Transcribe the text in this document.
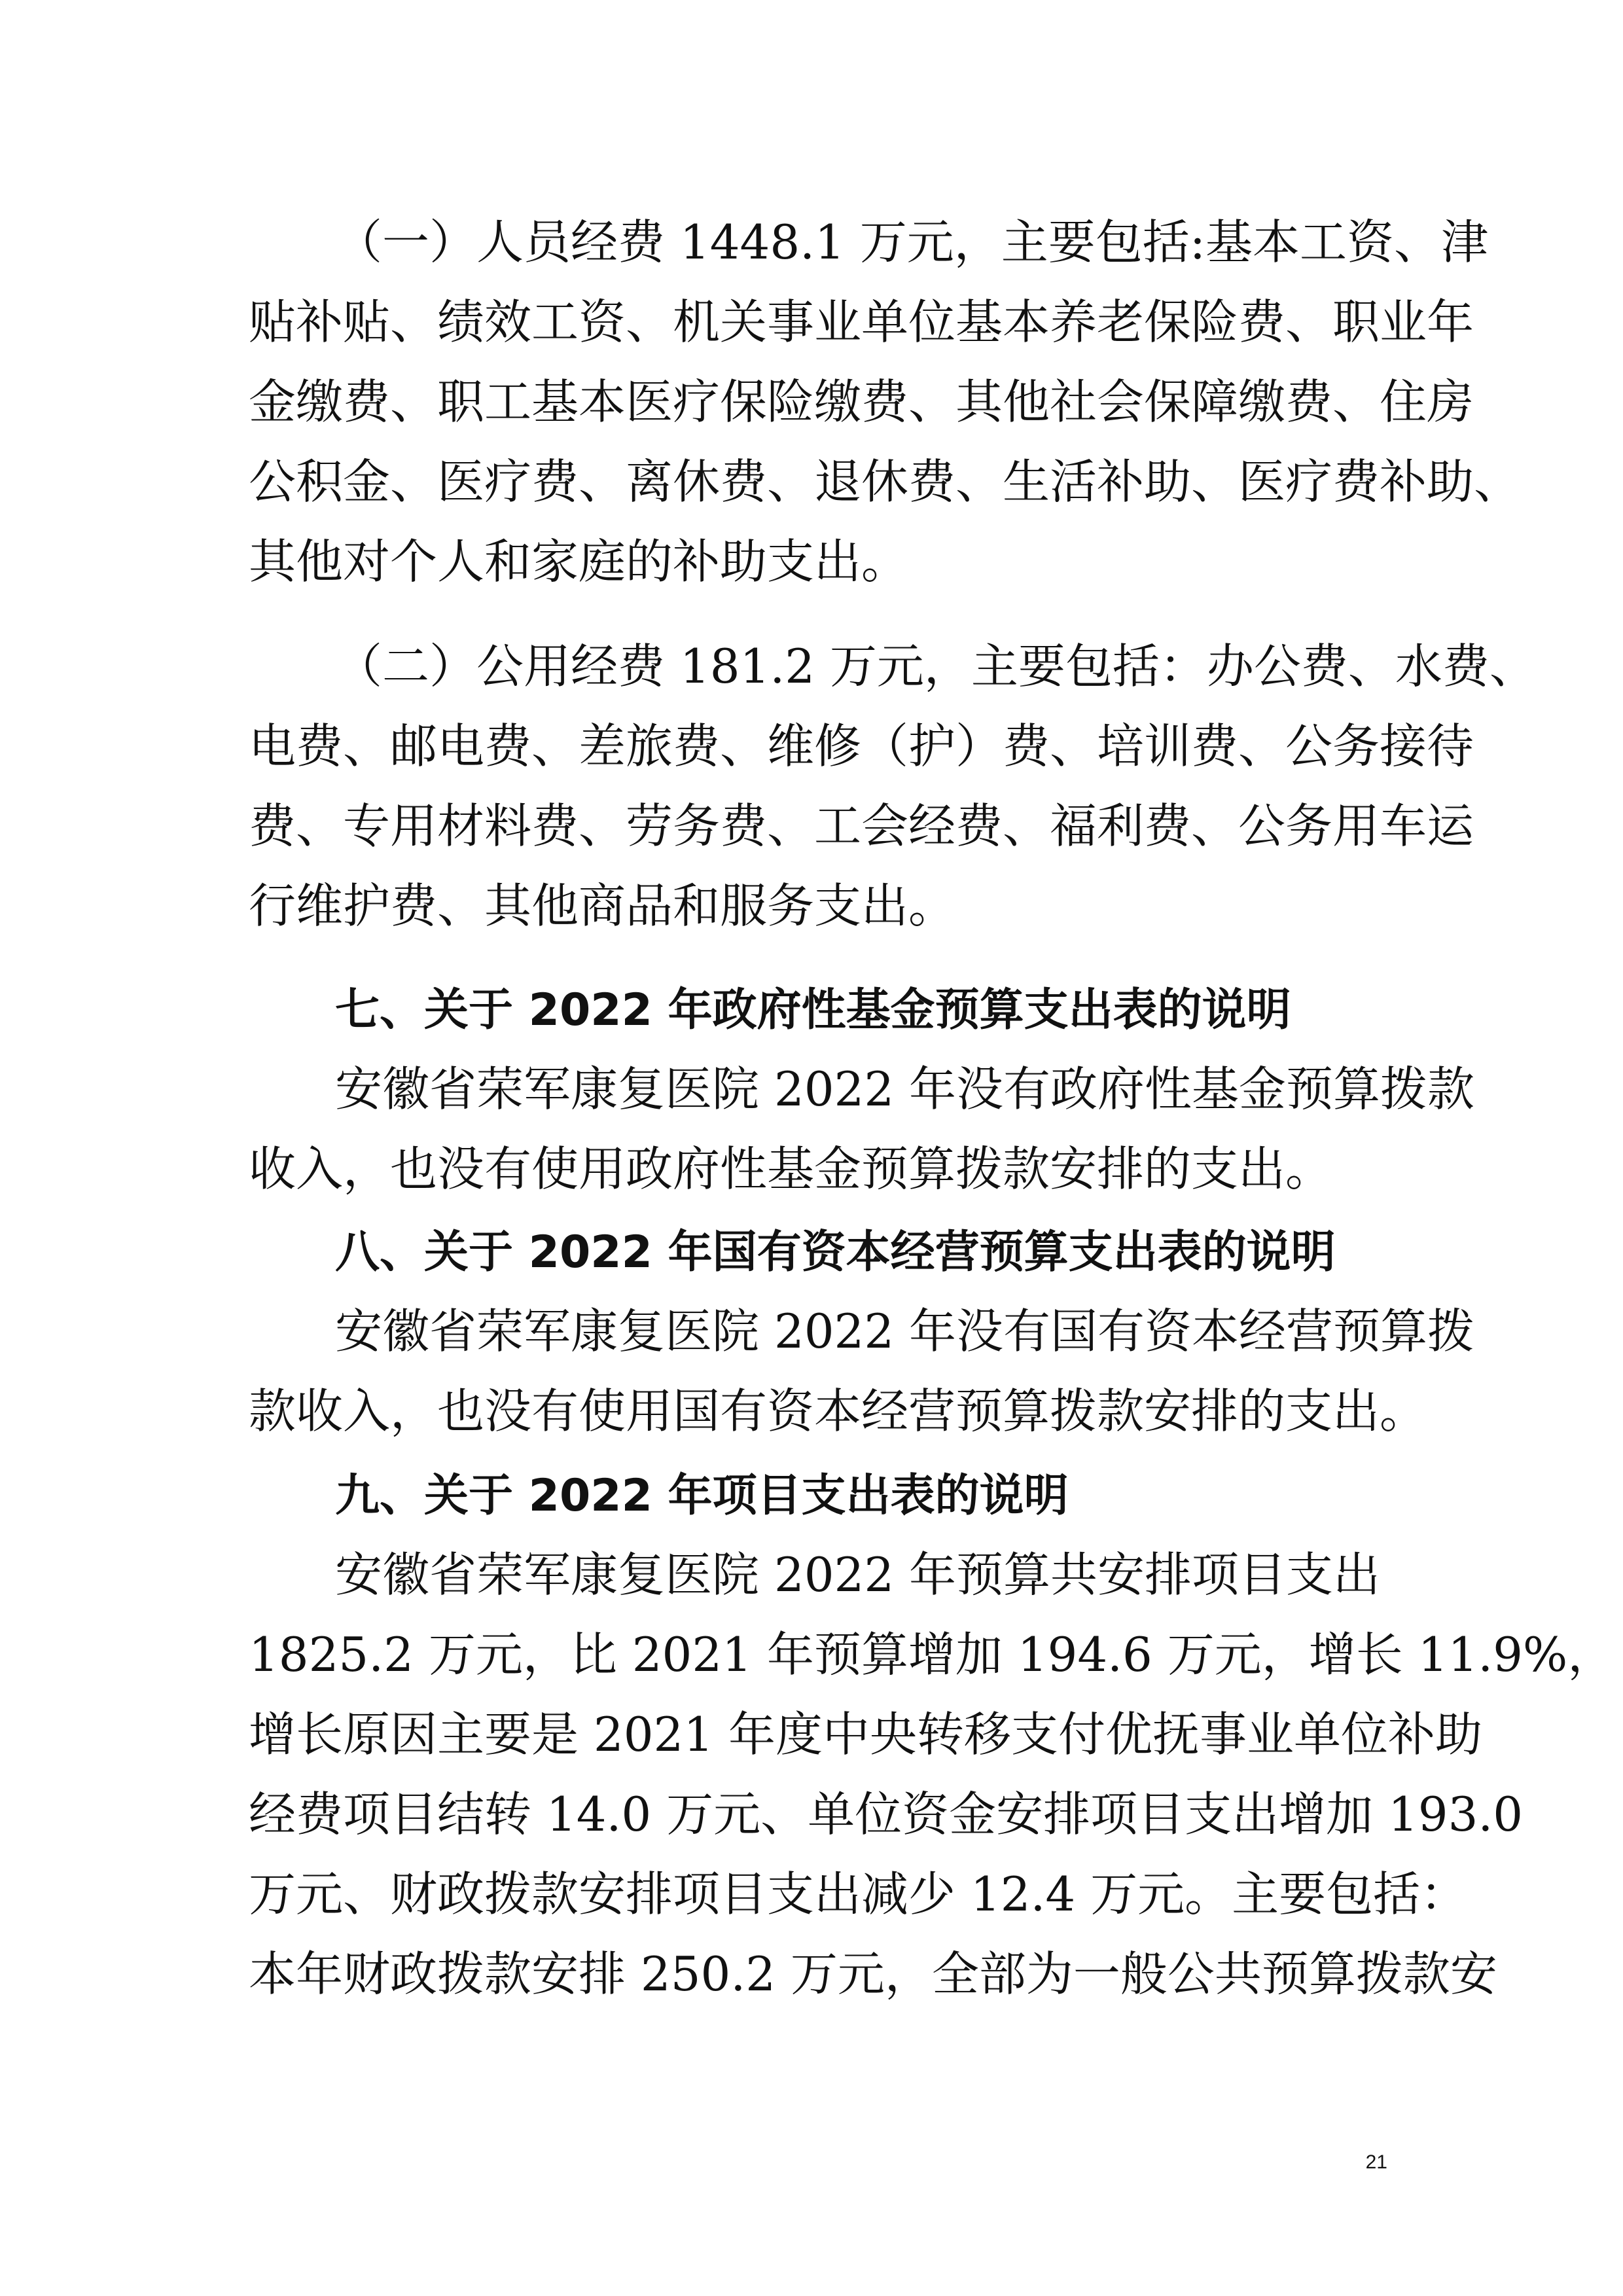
（一）人员经费 1448.1 万元，主要包括:基本工资、津
贴补贴、绩效工资、机关事业单位基本养老保险费、职业年
金缴费、职工基本医疗保险缴费、其他社会保障缴费、住房
公积金、医疗费、离休费、退休费、生活补助、医疗费补助、
其他对个人和家庭的补助支出。
（二）公用经费 181.2 万元，主要包括：办公费、水费、
电费、邮电费、差旅费、维修（护）费、培训费、公务接待
费、专用材料费、劳务费、工会经费、福利费、公务用车运
行维护费、其他商品和服务支出。
七、关于 2022 年政府性基金预算支出表的说明
安徽省荣军康复医院 2022 年没有政府性基金预算拨款
收入，也没有使用政府性基金预算拨款安排的支出。
八、关于 2022 年国有资本经营预算支出表的说明
安徽省荣军康复医院 2022 年没有国有资本经营预算拨
款收入，也没有使用国有资本经营预算拨款安排的支出。
九、关于 2022 年项目支出表的说明
安徽省荣军康复医院 2022 年预算共安排项目支出
1825.2 万元，比 2021 年预算增加 194.6 万元，增长 11.9%，
增长原因主要是 2021 年度中央转移支付优抚事业单位补助
经费项目结转 14.0 万元、单位资金安排项目支出增加 193.0
万元、财政拨款安排项目支出减少 12.4 万元。主要包括：
本年财政拨款安排 250.2 万元，全部为一般公共预算拨款安
21
